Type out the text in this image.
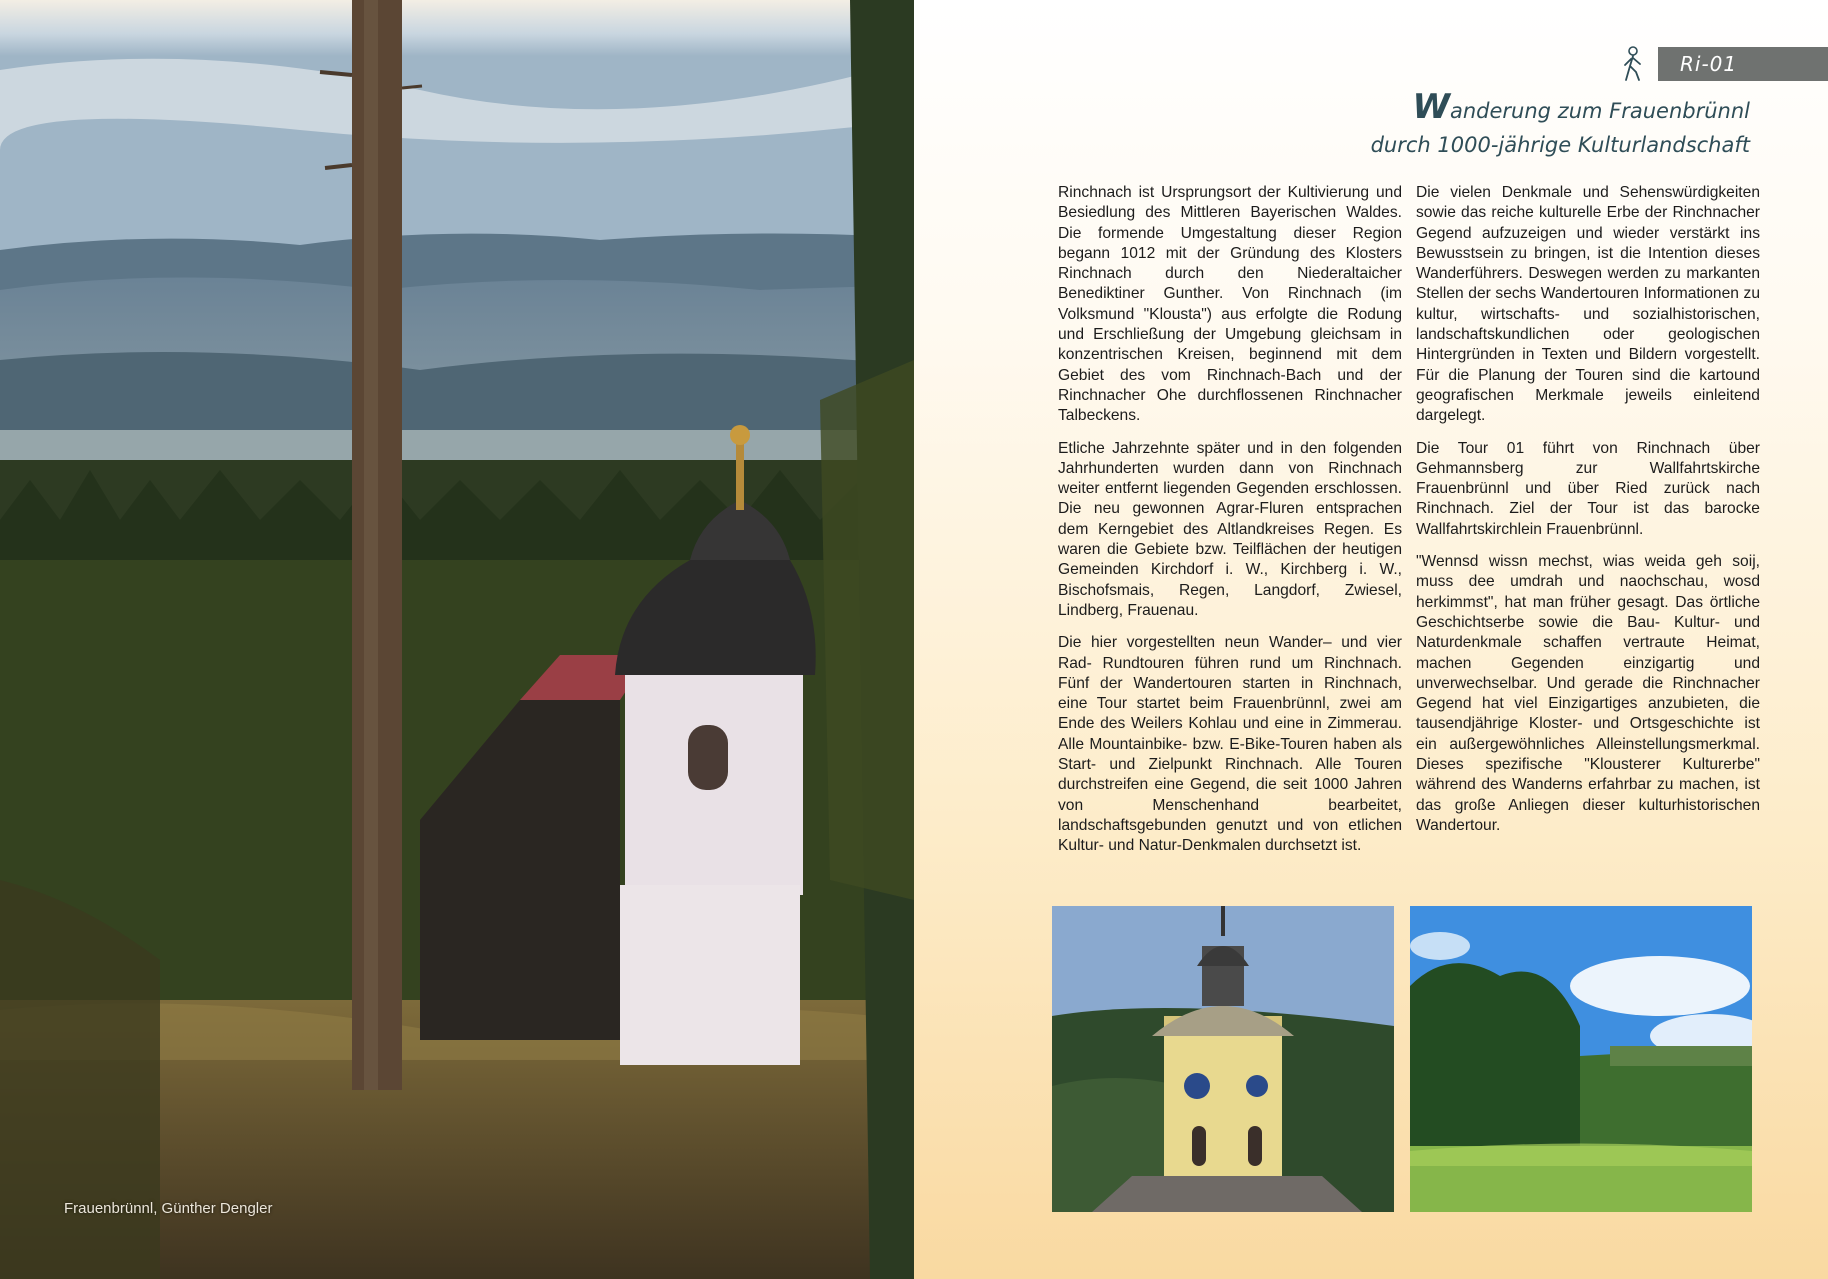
Frauenbrünnl, Günther Dengler
Ri-01
Wanderung zum Frauenbrünnl
durch 1000-jährige Kulturlandschaft

Rinchnach ist Ursprungsort der Kultivierung und Besiedlung des Mittleren Bayerischen Waldes. Die formende Umgestaltung dieser Region begann 1012 mit der Gründung des Klosters Rinchnach durch den Niederaltaicher Benediktiner Gunther. Von Rinchnach (im Volksmund "Klousta") aus erfolgte die Rodung und Erschließung der Umgebung gleichsam in konzentrischen Kreisen, beginnend mit dem Gebiet des vom Rinchnach-Bach und der Rinchnacher Ohe durchflossenen Rinchnacher Talbeckens.

Etliche Jahrzehnte später und in den folgenden Jahrhunderten wurden dann von Rinchnach weiter entfernt liegenden Gegenden erschlossen. Die neu gewonnen Agrar-Fluren entsprachen dem Kerngebiet des Altlandkreises Regen. Es waren die Gebiete bzw. Teilflächen der heutigen Gemeinden Kirchdorf i. W., Kirchberg i. W., Bischofsmais, Regen, Langdorf, Zwiesel, Lindberg, Frauenau.

Die hier vorgestellten neun Wander– und vier Rad- Rundtouren führen rund um Rinchnach. Fünf der Wandertouren starten in Rinchnach, eine Tour startet beim Frauenbrünnl, zwei am Ende des Weilers Kohlau und eine in Zimmerau. Alle Mountainbike- bzw. E-Bike-Touren haben als Start- und Zielpunkt Rinchnach. Alle Touren durchstreifen eine Gegend, die seit 1000 Jahren von Menschenhand bearbeitet, landschaftsgebunden genutzt und von etlichen Kultur- und Natur-Denkmalen durchsetzt ist.

Die vielen Denkmale und Sehenswürdigkeiten sowie das reiche kulturelle Erbe der Rinchnacher Gegend aufzuzeigen und wieder verstärkt ins Bewusstsein zu bringen, ist die Intention dieses Wanderführers. Deswegen werden zu markanten Stellen der sechs Wandertouren Informationen zu kultur, wirtschafts- und sozialhistorischen, landschaftskundlichen oder geologischen Hintergründen in Texten und Bildern vorgestellt. Für die Planung der Touren sind die kartound geografischen Merkmale jeweils einleitend dargelegt.

Die Tour 01 führt von Rinchnach über Gehmannsberg zur Wallfahrtskirche Frauenbrünnl und über Ried zurück nach Rinchnach. Ziel der Tour ist das barocke Wallfahrtskirchlein Frauenbrünnl.

"Wennsd wissn mechst, wias weida geh soij, muss dee umdrah und naochschau, wosd herkimmst", hat man früher gesagt. Das örtliche Geschichtserbe sowie die Bau- Kultur- und Naturdenkmale schaffen vertraute Heimat, machen Gegenden einzigartig und unverwechselbar. Und gerade die Rinchnacher Gegend hat viel Einzigartiges anzubieten, die tausendjährige Kloster- und Ortsgeschichte ist ein außergewöhnliches Alleinstellungsmerkmal. Dieses spezifische "Klousterer Kulturerbe" während des Wanderns erfahrbar zu machen, ist das große Anliegen dieser kulturhistorischen Wandertour.
